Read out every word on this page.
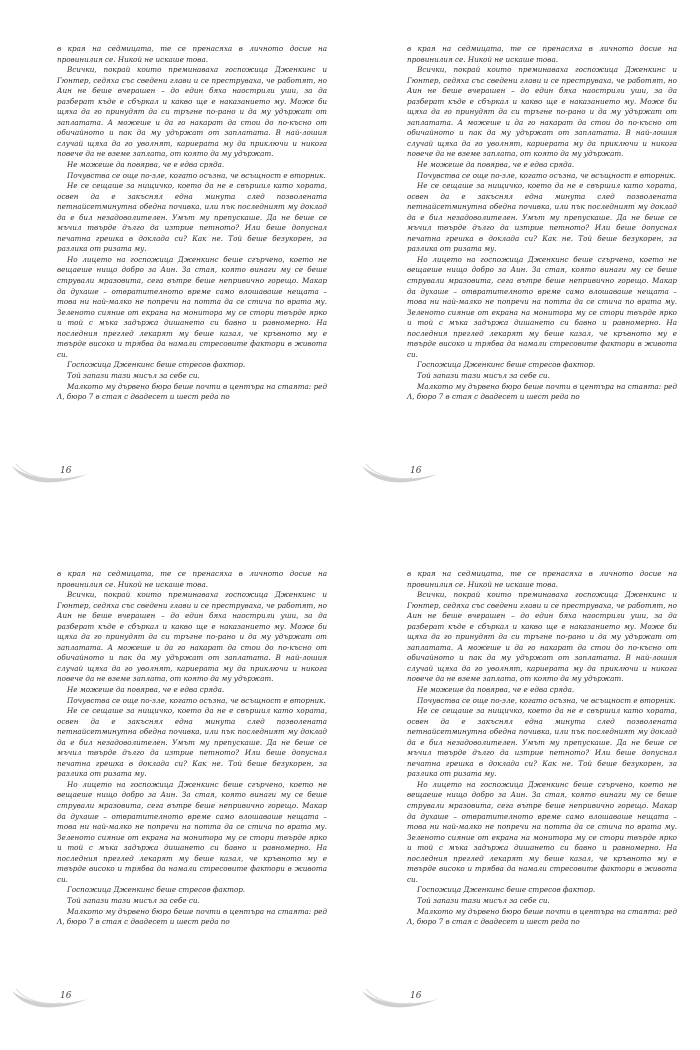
в края на седмицата, те се пренасяха в личното досие на провинилия се. Никой не искаше това.

Всички, покрай които преминаваха госпожица Дженкинс и Гюнтер, седяха със сведени глави и се преструвaха, че работят, но Аин не беше вчерашен – до един бяха наострили уши, за да разберат къде е сбъркал и какво ще е наказанието му. Може би щяха да го принудят да си тръгне по-рано и да му удържат от заплатата. А можеше и да го накарат да стои до по-късно от обичайното и пак да му удържат от заплатата. В най-лошия случай щяха да го уволнят, кариерата му да приключи и никога повече да не вземе заплата, от която да му удържат.

Не можеше да повярва, че е едва сряда.

Почувства се още по-зле, когато осъзна, че всъщност е вторник.

Не се сещаше за нищичко, което да не е свършил като хората, освен да е закъснял една минута след позволената петнайсетминутна обедна почивка, или пък последният му доклад да е бил незадоволителен. Умът му препускаше. Да не беше се мъчил твърде дълго да изтрие петното? Или беше допуснал печатна грешка в доклада си? Как не. Той беше безукорен, за разлика от ризата му.

Но лицето на госпожица Дженкинс беше сгърчено, което не вещаеше нищо добро за Аин. За стая, която винаги му се беше стрували мразовита, сега вътре беше непривично горещо. Макар да духаше – отвратителното време само влошаваше нещата – това ни най-малко не попречи на потта да се стича по врата му. Зеленото сияние от екрана на монитора му се стори твърде ярко и той с мъка задържа дишането си бавно и равномерно. На последния преглед лекарят му беше казал, че кръвното му е твърде високо и трябва да намали стресовите фактори в живота си.

Госпожица Дженкинс беше стресов фактор.

Той запази тази мисъл за себе си.

Малкото му дървено бюро беше почти в центъра на стаята: ред Λ, бюро 7 в стая с двадесет и шест реда по

16

в края на седмицата, те се пренасяха в личното досие на провинилия се. Никой не искаше това.

Всички, покрай които преминаваха госпожица Дженкинс и Гюнтер, седяха със сведени глави и се преструвaха, че работят, но Аин не беше вчерашен – до един бяха наострили уши, за да разберат къде е сбъркал и какво ще е наказанието му. Може би щяха да го принудят да си тръгне по-рано и да му удържат от заплатата. А можеше и да го накарат да стои до по-късно от обичайното и пак да му удържат от заплатата. В най-лошия случай щяха да го уволнят, кариерата му да приключи и никога повече да не вземе заплата, от която да му удържат.

Не можеше да повярва, че е едва сряда.

Почувства се още по-зле, когато осъзна, че всъщност е вторник.

Не се сещаше за нищичко, което да не е свършил като хората, освен да е закъснял една минута след позволената петнайсетминутна обедна почивка, или пък последният му доклад да е бил незадоволителен. Умът му препускаше. Да не беше се мъчил твърде дълго да изтрие петното? Или беше допуснал печатна грешка в доклада си? Как не. Той беше безукорен, за разлика от ризата му.

Но лицето на госпожица Дженкинс беше сгърчено, което не вещаеше нищо добро за Аин. За стая, която винаги му се беше стрували мразовита, сега вътре беше непривично горещо. Макар да духаше – отвратителното време само влошаваше нещата – това ни най-малко не попречи на потта да се стича по врата му. Зеленото сияние от екрана на монитора му се стори твърде ярко и той с мъка задържа дишането си бавно и равномерно. На последния преглед лекарят му беше казал, че кръвното му е твърде високо и трябва да намали стресовите фактори в живота си.

Госпожица Дженкинс беше стресов фактор.

Той запази тази мисъл за себе си.

Малкото му дървено бюро беше почти в центъра на стаята: ред Λ, бюро 7 в стая с двадесет и шест реда по

16

в края на седмицата, те се пренасяха в личното досие на провинилия се. Никой не искаше това.

Всички, покрай които преминаваха госпожица Дженкинс и Гюнтер, седяха със сведени глави и се преструвaха, че работят, но Аин не беше вчерашен – до един бяха наострили уши, за да разберат къде е сбъркал и какво ще е наказанието му. Може би щяха да го принудят да си тръгне по-рано и да му удържат от заплатата. А можеше и да го накарат да стои до по-късно от обичайното и пак да му удържат от заплатата. В най-лошия случай щяха да го уволнят, кариерата му да приключи и никога повече да не вземе заплата, от която да му удържат.

Не можеше да повярва, че е едва сряда.

Почувства се още по-зле, когато осъзна, че всъщност е вторник.

Не се сещаше за нищичко, което да не е свършил като хората, освен да е закъснял една минута след позволената петнайсетминутна обедна почивка, или пък последният му доклад да е бил незадоволителен. Умът му препускаше. Да не беше се мъчил твърде дълго да изтрие петното? Или беше допуснал печатна грешка в доклада си? Как не. Той беше безукорен, за разлика от ризата му.

Но лицето на госпожица Дженкинс беше сгърчено, което не вещаеше нищо добро за Аин. За стая, която винаги му се беше стрували мразовита, сега вътре беше непривично горещо. Макар да духаше – отвратителното време само влошаваше нещата – това ни най-малко не попречи на потта да се стича по врата му. Зеленото сияние от екрана на монитора му се стори твърде ярко и той с мъка задържа дишането си бавно и равномерно. На последния преглед лекарят му беше казал, че кръвното му е твърде високо и трябва да намали стресовите фактори в живота си.

Госпожица Дженкинс беше стресов фактор.

Той запази тази мисъл за себе си.

Малкото му дървено бюро беше почти в центъра на стаята: ред Λ, бюро 7 в стая с двадесет и шест реда по

16

в края на седмицата, те се пренасяха в личното досие на провинилия се. Никой не искаше това.

Всички, покрай които преминаваха госпожица Дженкинс и Гюнтер, седяха със сведени глави и се преструвaха, че работят, но Аин не беше вчерашен – до един бяха наострили уши, за да разберат къде е сбъркал и какво ще е наказанието му. Може би щяха да го принудят да си тръгне по-рано и да му удържат от заплатата. А можеше и да го накарат да стои до по-късно от обичайното и пак да му удържат от заплатата. В най-лошия случай щяха да го уволнят, кариерата му да приключи и никога повече да не вземе заплата, от която да му удържат.

Не можеше да повярва, че е едва сряда.

Почувства се още по-зле, когато осъзна, че всъщност е вторник.

Не се сещаше за нищичко, което да не е свършил като хората, освен да е закъснял една минута след позволената петнайсетминутна обедна почивка, или пък последният му доклад да е бил незадоволителен. Умът му препускаше. Да не беше се мъчил твърде дълго да изтрие петното? Или беше допуснал печатна грешка в доклада си? Как не. Той беше безукорен, за разлика от ризата му.

Но лицето на госпожица Дженкинс беше сгърчено, което не вещаеше нищо добро за Аин. За стая, която винаги му се беше стрували мразовита, сега вътре беше непривично горещо. Макар да духаше – отвратителното време само влошаваше нещата – това ни най-малко не попречи на потта да се стича по врата му. Зеленото сияние от екрана на монитора му се стори твърде ярко и той с мъка задържа дишането си бавно и равномерно. На последния преглед лекарят му беше казал, че кръвното му е твърде високо и трябва да намали стресовите фактори в живота си.

Госпожица Дженкинс беше стресов фактор.

Той запази тази мисъл за себе си.

Малкото му дървено бюро беше почти в центъра на стаята: ред Λ, бюро 7 в стая с двадесет и шест реда по

16
